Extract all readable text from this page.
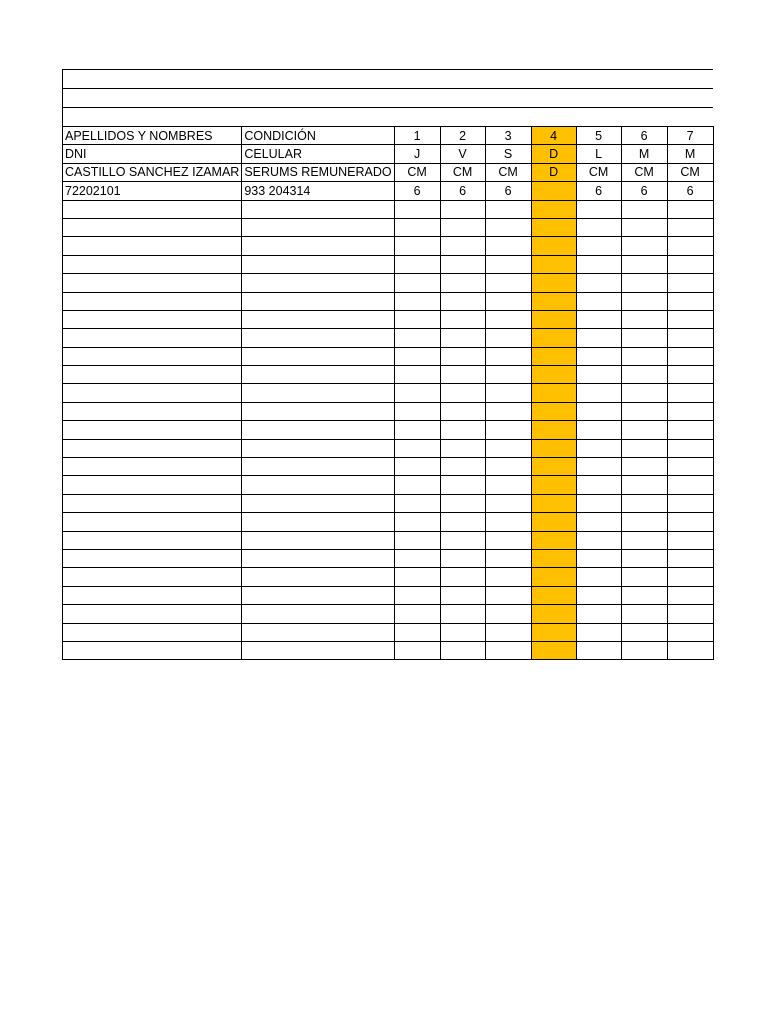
APELLIDOS Y NOMBRES	CONDICIÓN	1	2	3	4	5	6	7
DNI	CELULAR	J	V	S	D	L	M	M
CASTILLO SANCHEZ IZAMAR	SERUMS REMUNERADO	CM	CM	CM	D	CM	CM	CM
72202101	933 204314	6	6	6		6	6	6
